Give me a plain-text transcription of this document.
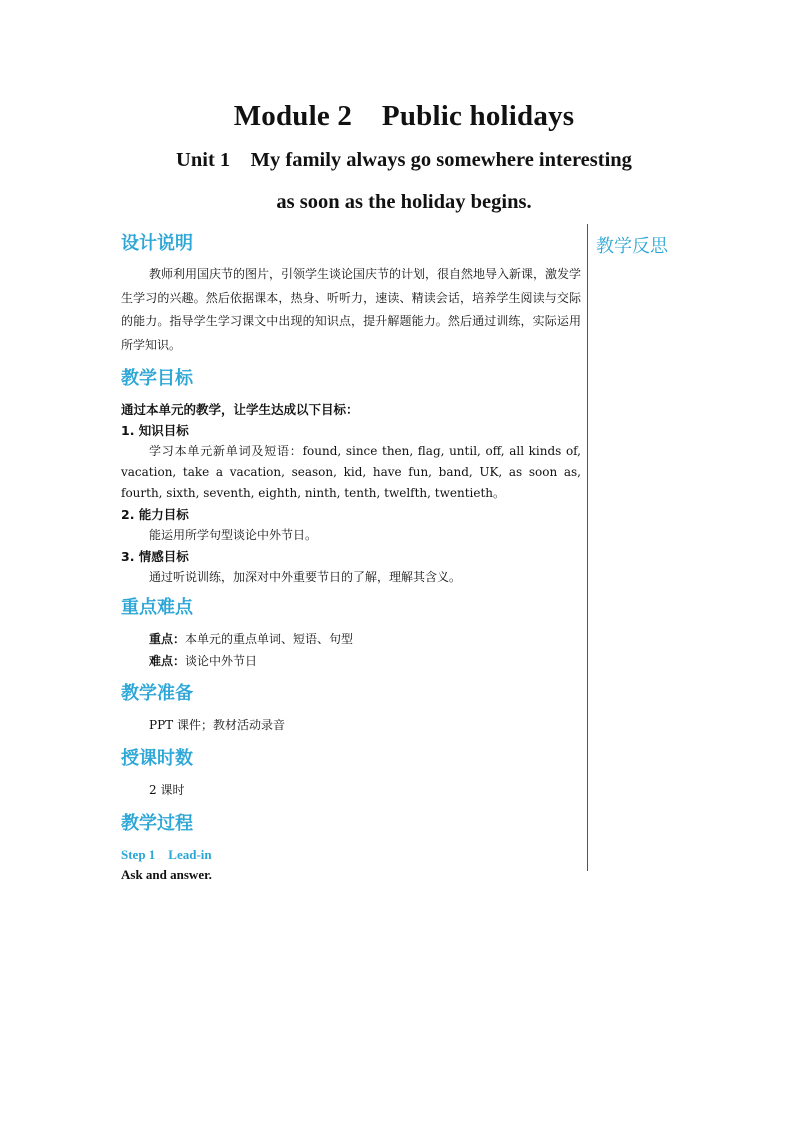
Module 2    Public holidays
Unit 1    My family always go somewhere interesting
as soon as the holiday begins.
教学反思
设计说明

教师利用国庆节的图片，引领学生谈论国庆节的计划，很自然地导入新课，激发学生学习的兴趣。然后依据课本，热身、听听力，速读、精读会话，培养学生阅读与交际的能力。指导学生学习课文中出现的知识点，提升解题能力。然后通过训练，实际运用所学知识。

教学目标

通过本单元的教学，让学生达成以下目标：

1. 知识目标

学习本单元新单词及短语：found, since then, flag, until, off, all kinds of, vacation, take a vacation, season, kid, have fun, band, UK, as soon as, fourth, sixth, seventh, eighth, ninth, tenth, twelfth, twentieth。

2. 能力目标

能运用所学句型谈论中外节日。

3. 情感目标

通过听说训练，加深对中外重要节日的了解，理解其含义。

重点难点

重点：本单元的重点单词、短语、句型

难点：谈论中外节日

教学准备

PPT 课件；教材活动录音

授课时数

2 课时

教学过程

Step 1    Lead-in

Ask and answer.
